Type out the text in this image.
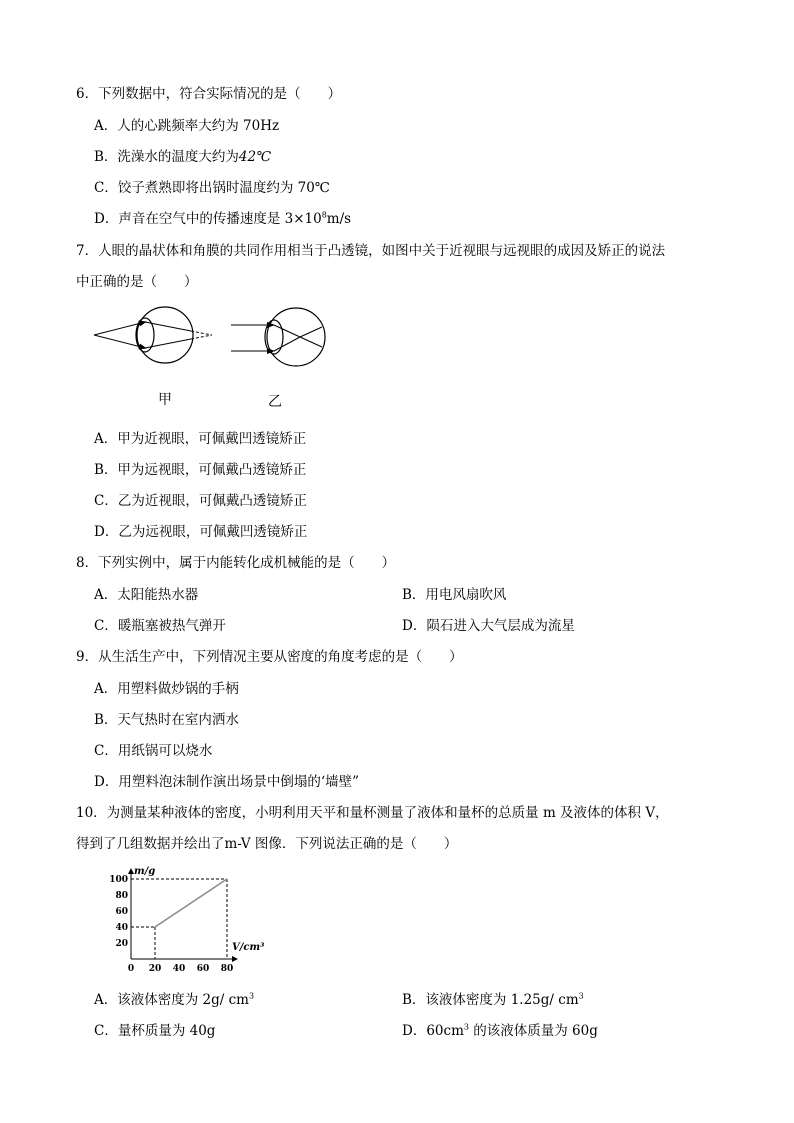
6．下列数据中，符合实际情况的是（　　）
A．人的心跳频率大约为 70Hz
B．洗澡水的温度大约为42℃
C．饺子煮熟即将出锅时温度约为 70℃
D．声音在空气中的传播速度是 $3\times 10^8m/s$
7．人眼的晶状体和角膜的共同作用相当于凸透镜，如图中关于近视眼与远视眼的成因及矫正的说法
中正确的是（　　）
甲	乙
A．甲为近视眼，可佩戴凹透镜矫正
B．甲为远视眼，可佩戴凸透镜矫正
C．乙为近视眼，可佩戴凸透镜矫正
D．乙为远视眼，可佩戴凹透镜矫正
8．下列实例中，属于内能转化成机械能的是（　　）
A．太阳能热水器	B．用电风扇吹风
C．暖瓶塞被热气弹开	D．陨石进入大气层成为流星
9．从生活生产中，下列情况主要从密度的角度考虑的是（　　）
A．用塑料做炒锅的手柄
B．天气热时在室内洒水
C．用纸锅可以烧水
D．用塑料泡沫制作演出场景中倒塌的‘墙壁”
10．为测量某种液体的密度，小明利用天平和量杯测量了液体和量杯的总质量 m 及液体的体积 V，
得到了几组数据并绘出了m-V 图像．下列说法正确的是（　　）
m/g
V/cm³
0 20 40 60 80
20
40
60
80
100
A．该液体密度为 2g/ $cm^3$	B．该液体密度为 1.25g/ $cm^3$
C．量杯质量为 40g	D．$60cm^3$ 的该液体质量为 60g
